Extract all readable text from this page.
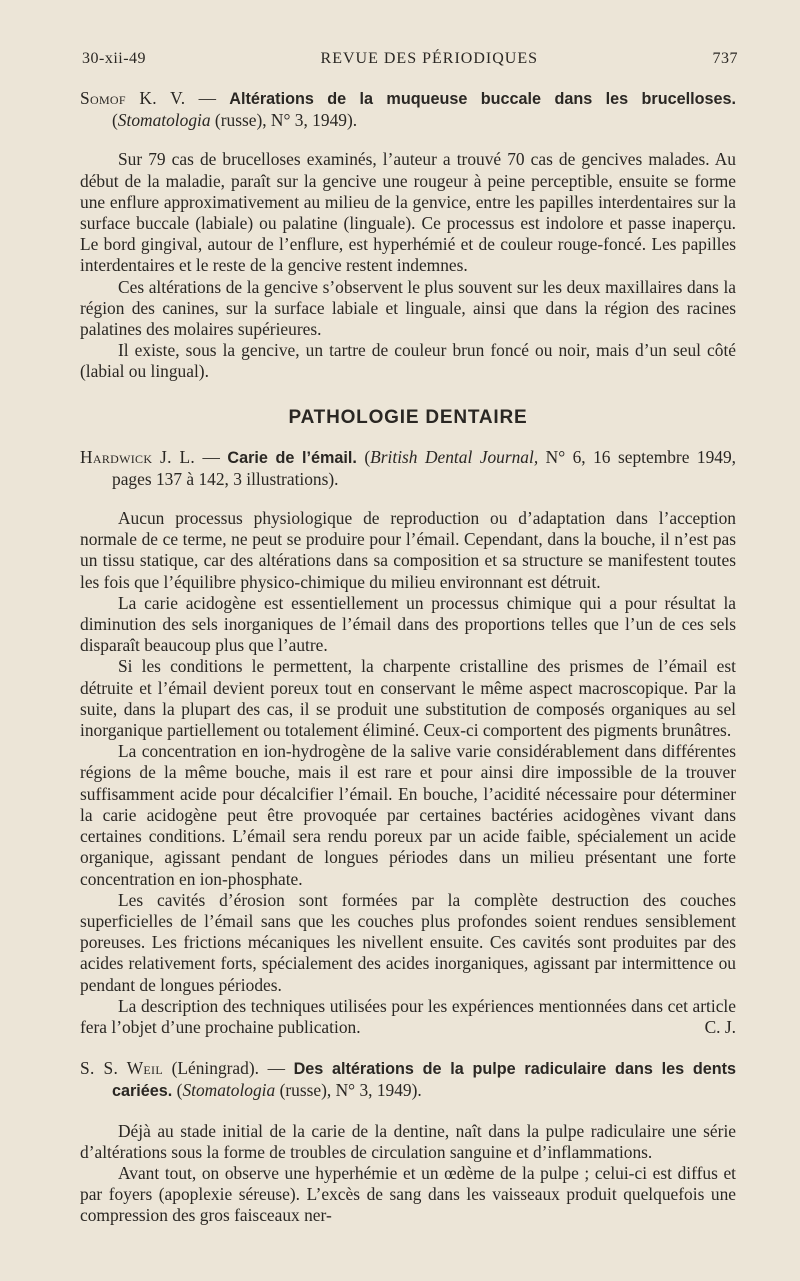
30-xii-49	REVUE DES PÉRIODIQUES	737

Somof K. V. — Altérations de la muqueuse buccale dans les brucelloses. (Stomatologia (russe), N° 3, 1949).

Sur 79 cas de brucelloses examinés, l’auteur a trouvé 70 cas de gencives malades. Au début de la maladie, paraît sur la gencive une rougeur à peine perceptible, ensuite se forme une enflure approximativement au milieu de la genvice, entre les papilles interdentaires sur la surface buccale (labiale) ou palatine (linguale). Ce processus est indolore et passe inaperçu. Le bord gingival, autour de l’enflure, est hyperhémié et de couleur rouge-foncé. Les papilles interdentaires et le reste de la gencive restent indemnes.

Ces altérations de la gencive s’observent le plus souvent sur les deux maxillaires dans la région des canines, sur la surface labiale et linguale, ainsi que dans la région des racines palatines des molaires supérieures.

Il existe, sous la gencive, un tartre de couleur brun foncé ou noir, mais d’un seul côté (labial ou lingual).

PATHOLOGIE DENTAIRE

Hardwick J. L. — Carie de l’émail. (British Dental Journal, N° 6, 16 septembre 1949, pages 137 à 142, 3 illustrations).

Aucun processus physiologique de reproduction ou d’adaptation dans l’acception normale de ce terme, ne peut se produire pour l’émail. Cependant, dans la bouche, il n’est pas un tissu statique, car des altérations dans sa composition et sa structure se manifestent toutes les fois que l’équilibre physico-chimique du milieu environnant est détruit.

La carie acidogène est essentiellement un processus chimique qui a pour résultat la diminution des sels inorganiques de l’émail dans des proportions telles que l’un de ces sels disparaît beaucoup plus que l’autre.

Si les conditions le permettent, la charpente cristalline des prismes de l’émail est détruite et l’émail devient poreux tout en conservant le même aspect macroscopique. Par la suite, dans la plupart des cas, il se produit une substitution de composés organiques au sel inorganique partiellement ou totalement éliminé. Ceux-ci comportent des pigments brunâtres.

La concentration en ion-hydrogène de la salive varie considérablement dans différentes régions de la même bouche, mais il est rare et pour ainsi dire impossible de la trouver suffisamment acide pour décalcifier l’émail. En bouche, l’acidité nécessaire pour déterminer la carie acidogène peut être provoquée par certaines bactéries acidogènes vivant dans certaines conditions. L’émail sera rendu poreux par un acide faible, spécialement un acide organique, agissant pendant de longues périodes dans un milieu présentant une forte concentration en ion-phosphate.

Les cavités d’érosion sont formées par la complète destruction des couches superficielles de l’émail sans que les couches plus profondes soient rendues sensiblement poreuses. Les frictions mécaniques les nivellent ensuite. Ces cavités sont produites par des acides relativement forts, spécialement des acides inorganiques, agissant par intermittence ou pendant de longues périodes.

La description des techniques utilisées pour les expériences mentionnées dans cet article fera l’objet d’une prochaine publication.	C. J.

S. S. Weil (Léningrad). — Des altérations de la pulpe radiculaire dans les dents cariées. (Stomatologia (russe), N° 3, 1949).

Déjà au stade initial de la carie de la dentine, naît dans la pulpe radiculaire une série d’altérations sous la forme de troubles de circulation sanguine et d’inflammations.

Avant tout, on observe une hyperhémie et un œdème de la pulpe ; celui-ci est diffus et par foyers (apoplexie séreuse). L’excès de sang dans les vaisseaux produit quelquefois une compression des gros faisceaux ner-
